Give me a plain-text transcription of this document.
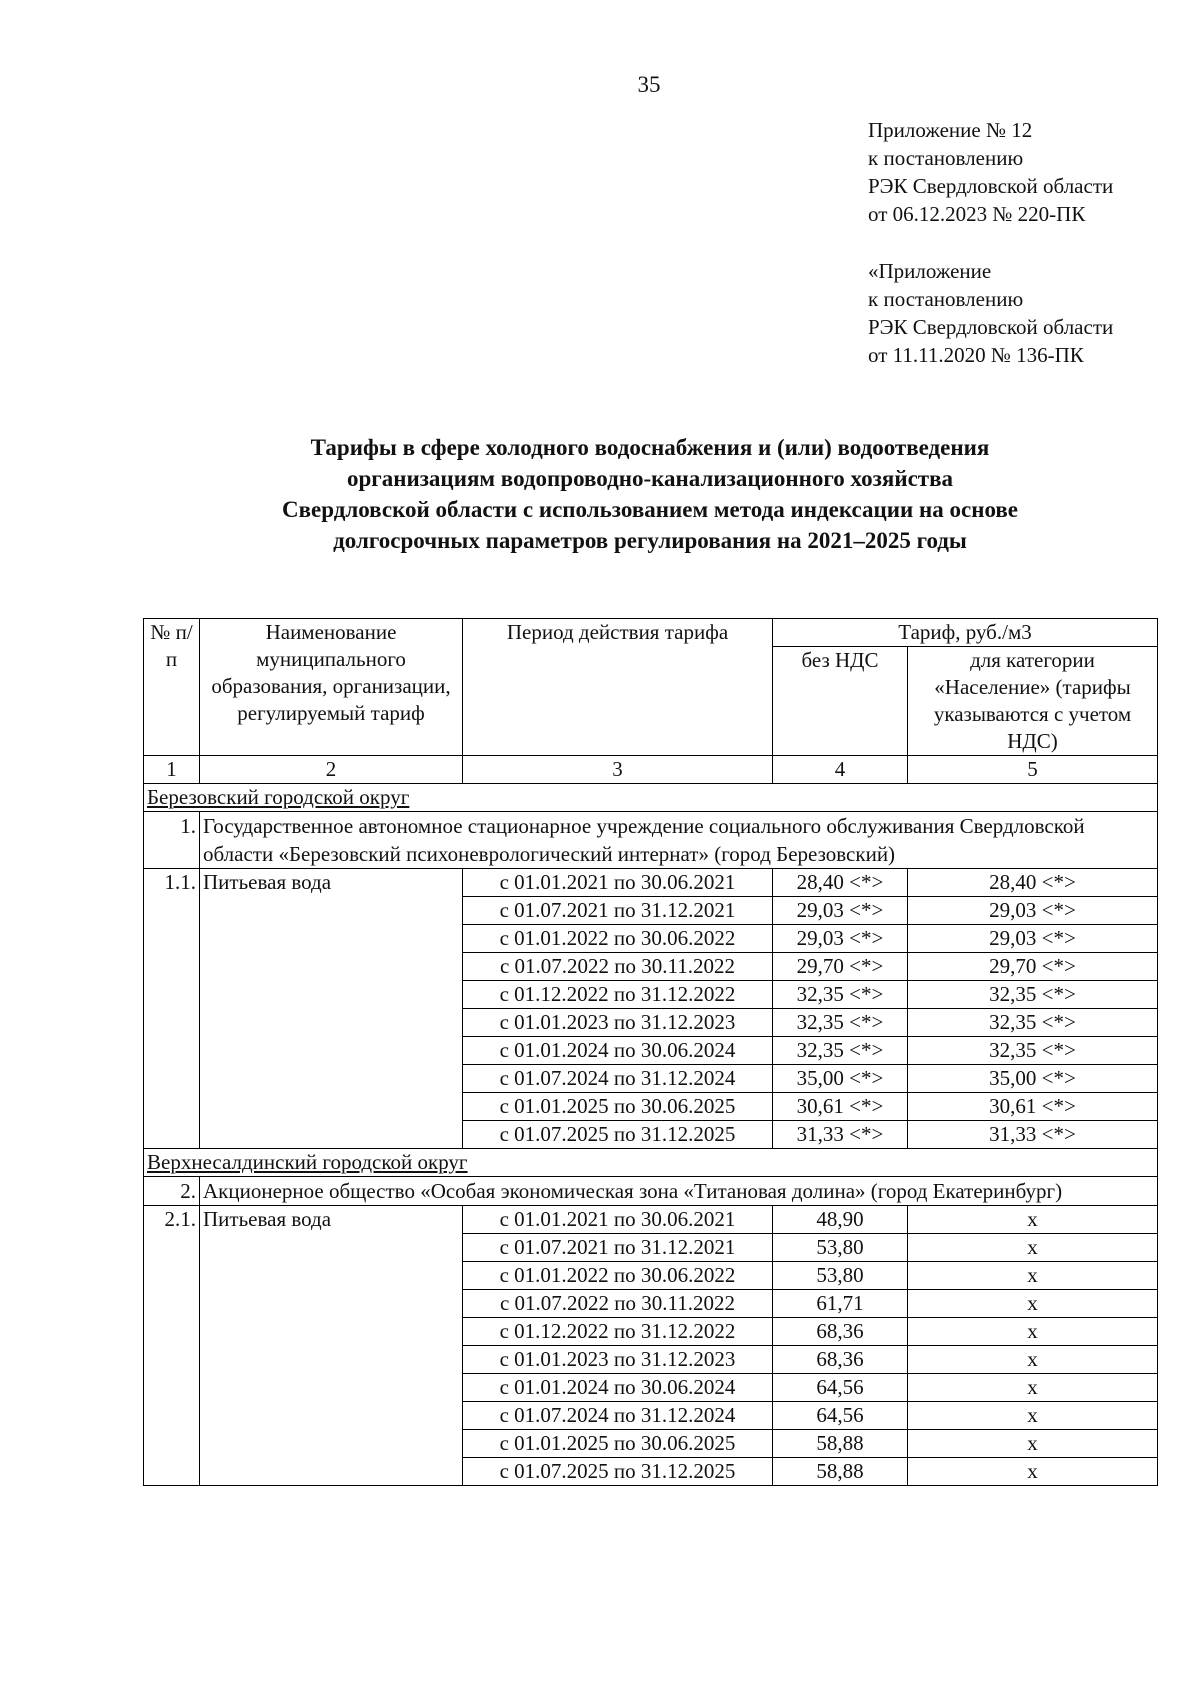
35
Приложение № 12
к постановлению
РЭК Свердловской области
от 06.12.2023 № 220-ПК
«Приложение
к постановлению
РЭК Свердловской области
от 11.11.2020 № 136-ПК
Тарифы в сфере холодного водоснабжения и (или) водоотведения
организациям водопроводно-канализационного хозяйства
Свердловской области с использованием метода индексации на основе
долгосрочных параметров регулирования на 2021–2025 годы
№ п/п	Наименование муниципального образования, организации, регулируемый тариф	Период действия тарифа	Тариф, руб./м3	
			без НДС	для категории «Население» (тарифы указываются с учетом НДС)
1	2	3	4	5
Березовский городской округ				
1.	Государственное автономное стационарное учреждение социального обслуживания Свердловской области «Березовский психоневрологический интернат» (город Березовский)			
1.1.	Питьевая вода	с 01.01.2021 по 30.06.2021	28,40 <*>	28,40 <*>
		с 01.07.2021 по 31.12.2021	29,03 <*>	29,03 <*>
		с 01.01.2022 по 30.06.2022	29,03 <*>	29,03 <*>
		с 01.07.2022 по 30.11.2022	29,70 <*>	29,70 <*>
		с 01.12.2022 по 31.12.2022	32,35 <*>	32,35 <*>
		с 01.01.2023 по 31.12.2023	32,35 <*>	32,35 <*>
		с 01.01.2024 по 30.06.2024	32,35 <*>	32,35 <*>
		с 01.07.2024 по 31.12.2024	35,00 <*>	35,00 <*>
		с 01.01.2025 по 30.06.2025	30,61 <*>	30,61 <*>
		с 01.07.2025 по 31.12.2025	31,33 <*>	31,33 <*>
Верхнесалдинский городской округ				
2.	Акционерное общество «Особая экономическая зона «Титановая долина» (город Екатеринбург)			
2.1.	Питьевая вода	с 01.01.2021 по 30.06.2021	48,90	x
		с 01.07.2021 по 31.12.2021	53,80	x
		с 01.01.2022 по 30.06.2022	53,80	x
		с 01.07.2022 по 30.11.2022	61,71	x
		с 01.12.2022 по 31.12.2022	68,36	x
		с 01.01.2023 по 31.12.2023	68,36	x
		с 01.01.2024 по 30.06.2024	64,56	x
		с 01.07.2024 по 31.12.2024	64,56	x
		с 01.01.2025 по 30.06.2025	58,88	x
		с 01.07.2025 по 31.12.2025	58,88	x
